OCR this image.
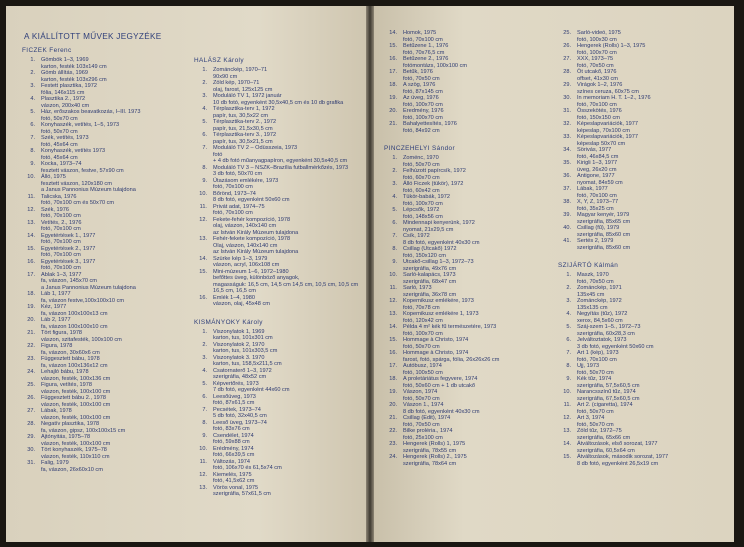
A KIÁLLÍTOTT MŰVEK JEGYZÉKE
FICZEK Ferenc
1.	Gömbök 1–3, 1969
karton, festék 103x149 cm
2.	Gömb állítás, 1969
karton, festék 103x296 cm
3.	Festett plasztika, 1972
fólia, 146x115 cm
4.	Plasztika 2., 1972
vászon, 200x40 cm
5.	Ház, erőszakos beavatkozás, I–III. 1973
fotó, 50x70 cm
6.	Konyhaszék, vetítés, 1–5, 1973
fotó, 50x70 cm
7.	Szék, vetítés, 1973
fotó, 45x64 cm
8.	Konyhaszék, vetítés 1973
fotó, 45x64 cm
9.	Kocka, 1973–74
fesztett vászon, festve, 57x90 cm
10.	Álló, 1975
fesztett vászon, 120x180 cm
a Janus Pannonius Múzeum tulajdona
11.	Talicska, 1976
fotó, 70x100 cm és 50x70 cm
12.	Szék, 1976
fotó, 70x100 cm
13.	Vetítés, 2., 1976
fotó, 70x100 cm
14.	Egyetértések 1., 1977
fotó, 70x100 cm
15.	Egyetértések 2., 1977
fotó, 70x100 cm
16.	Egyetértések 3., 1977
fotó, 70x100 cm
17.	Ablak 1–3, 1977
fa, vászon, 145x70 cm
a Janus Pannonius Múzeum tulajdona
18.	Láb 1, 1977
fa, vászon festve,100x100x10 cm
19.	Kéz, 1977
fa, vászon 100x100x13 cm
20.	Láb 2, 1977
fa, vászon 100x100x10 cm
21.	Tört figura, 1978
vászon, szitafesték, 100x100 cm
22.	Figura, 1978
fa, vászon, 30x60x6 cm
23.	Függesztett bábu, 1978
fa, vászon 100x136x12 cm
24.	Lehajló bábu, 1978
vászon, festék, 100x136 cm
25.	Figura, vetítés, 1978
vászon, festék, 100x100 cm
26.	Függesztett bábu 2., 1978
vászon, festék, 100x100 cm
27.	Lábak, 1978
vászon, festék, 100x100 cm
28.	Negatív plasztika, 1978
fa, vászon, gipsz, 100x100x15 cm
29.	Ajtónyitás, 1975–78
vászon, festék, 100x100 cm
30.	Tört konyhaszék, 1975–78
vászon, festék, 110x110 cm
31.	Falig, 1979
fa, vászon, 26x60x10 cm
HALÁSZ Károly
1.	Zománckép, 1970–71
90x90 cm
2.	Zöld kép, 1970–71
olaj, farost, 125x125 cm
3.	Moduláló TV 1, 1972 január
10 db fotó, egyenként 30,5x40,5 cm és 10 db grafika
4.	Térplasztika-terv 1, 1972
papír, tus, 30,5x22 cm
5.	Térplasztika-terv 2., 1972
papír, tus, 21,5x30,5 cm
6.	Térplasztika-terv 3., 1972
papír, tus, 30,5x21,5 cm
7.	Moduláló TV 2 – Odüsszeia, 1973
fotó
+ 4 db fotó műanyagpapíron, egyenként 30,5x40,5 cm
8.	Moduláló TV 3 – NSZK–Brazília futballmérkőzés, 1973
3 db fotó, 50x70 cm
9.	Útazásom emlékére, 1973
fotó, 70x100 cm
10.	Bőrönd, 1973–74
8 db fotó, egyenként 50x60 cm
11.	Privát adat, 1974–75
fotó, 70x100 cm
12.	Fekete-fehér kompozíció, 1978
olaj, vászon, 140x140 cm
az István Király Múzeum tulajdona
13.	Fehér-fekete kompozíció, 1978
Olaj, vászon, 140x140 cm
az István Király Múzeum tulajdona
14.	Szürke kép 1–3, 1979
vászon, acryl, 106x108 cm
15.	Mini-múzeum 1–6, 1972–1980
befőttes üveg, különböző anyagok,
magasságuk: 16,5 cm, 14,5 cm 14,5 cm, 10,5 cm, 10,5 cm
16,5 cm, 16,5 cm
16.	Emlék 1–4, 1980
vászon, olaj, 45x48 cm
KISMÁNYOKY Károly
1.	Viszonylatok 1, 1969
karton, tus, 101x301 cm
2.	Viszonylatok 2, 1970
karton, tus, 101x303,5 cm
3.	Viszonylatok 3. 1970
karton, tus, 158,5x211,5 cm
4.	Csatornaterő 1–3, 1972
szerigráfia, 48x52 cm
5.	Képvertőrés, 1973
7 db fotó, egyenként 44x60 cm
6.	Leesőüveg, 1973
fotó, 87x61,5 cm
7.	Pecsétek, 1973–74
5 db fotó, 32x40,5 cm
8.	Leeső üveg, 1973–74
fotó, 83x76 cm
9.	Csendélet, 1974
fotó, 59x88 cm
10.	Erédmény, 1974
fotó, 66x39,5 cm
11.	Változás, 1974
fotó, 106x70 és 61,5x74 cm
12.	Kiemelés, 1975
fotó, 41,5x62 cm
13.	Vörös vonal, 1975
szerigráfia, 57x61,5 cm
14.	Homok, 1975
fotó, 70x100 cm
15.	Betűzene 1., 1976
fotó, 70x76,5 cm
16.	Betűzene 2., 1976
fotómontázs, 100x100 cm
17.	Betűk, 1976
fotó, 70x50 cm
18.	A szög, 1976
fotó, 87x145 cm
19.	Az üveg, 1976
fotó, 100x70 cm
20.	Eredmény, 1976
fotó, 100x70 cm
21.	Bahalyettesítés, 1976
fotó, 84x92 cm
PINCZEHELYI Sándor
1.	Zoménc, 1970
fotó, 50x70 cm
2.	Felhúzott papírcsík, 1972
fotó, 60x70 cm
3.	Álló Ficzek (tükör), 1972
fotó, 60x42 cm
4.	Tükör-babák, 1972
fotó, 100x70 cm
5.	Lépcsők, 1972
fotó, 148x56 cm
6.	Mindennapi kenyerünk, 1972
nyomat, 21x29,5 cm
7.	Csík, 1972
8 db fotó, egyenként 40x30 cm
8.	Csillag (Utcakő) 1972
fotó, 150x120 cm
9.	Utcakő-csillag 1–3, 1972–73
szerigráfia, 49x76 cm
10.	Sarló-kalapács, 1973
szerigráfia, 68x47 cm
11.	Sarló, 1973
szerigráfia, 36x78 cm
12.	Kopernikusz emlékére, 1973
fotó, 70x78 cm
13.	Kopernikusz emlékére 1, 1973
fotó, 120x42 cm
14.	Példa 4 m² kék fű természetére, 1973
fotó, 100x70 cm
15.	Hommage à Christo, 1974
fotó, 50x70 cm
16.	Hommage à Christo, 1974
farost, fotó, spárga, fólia, 26x26x26 cm
17.	Autóbusz, 1974
fotó, 100x50 cm
18.	A proletáriátus fegyvere, 1974
fotó, 50x60 cm + 1 db utcakő
19.	Vászon, 1974
fotó, 50x70 cm
20.	Vászon 1., 1974
8 db fotó, egyenként 40x30 cm
21.	Csillag (Edit), 1974
fotó, 70x50 cm
22.	Bilke proléria., 1974
fotó, 25x100 cm
23.	Hengerek (Rolls) 1, 1975
szerigráfia, 78x55 cm
24.	Hengerek (Rolls) 2., 1975
szerigráfia, 78x64 cm
25.	Sarló-videó, 1975
fotó, 100x30 cm
26.	Hengerek (Rolls) 1–3, 1975
fotó, 100x70 cm
27.	XXX, 1973–75
fotó, 70x50 cm
28.	Öt utcakő, 1976
offset, 41x30 cm
29.	Virágok 1–2, 1976
színes ceruza, 60x75 cm
30.	In memoriam H. T. 1–2., 1976
fotó, 70x100 cm
31.	Összekötés, 1976
fotó, 150x150 cm
32.	Képeslapvariációk, 1977
képeslap, 70x100 cm
33.	Képeslapvariációk, 1977
képeslap 50x70 cm
34.	Sörivás, 1977
fotó, 46x84,5 cm
35.	Kirigli 1–3, 1977
üveg, 26x20 cm
36.	Antigone, 1977
nyomat, 84x59 cm
37.	Lábak, 1977
fotó, 70x100 cm
38.	X, Y, Z, 1973–77
fotó, 35x25 cm
39.	Magyar kenyér, 1979
szerigráfia, 85x65 cm
40.	Csillag (fű), 1979
szerigráfia, 85x60 cm
41.	Sertés 2, 1979
szerigráfia, 85x60 cm
SZIJÁRTÓ Kálmán
1.	Maszk, 1970
fotó, 70x50 cm
2.	Zománckép, 1971
135x45 cm
3.	Zománckép, 1972
135x135 cm
4.	Negyítás (tűz), 1972
xerox, 84,5x60 cm
5.	Száj-szem 1–5., 1972–73
szerigráfia, 60x28,3 cm
6.	Jelváltoztatok, 1973
3 db fotó, egyenként 50x60 cm
7.	Art 1 (kép), 1973
fotó, 70x100 cm
8.	Ujj, 1973
fotó, 50x70 cm
9.	Kék tűz, 1974
szerigráfia, 57,5x60,5 cm
10.	Narancsszínű tűz, 1974
szerigráfia, 67,5x60,5 cm
11.	Art 2. (cigaretta), 1974
fotó, 50x70 cm
12.	Art 3, 1974
fotó, 50x70 cm
13.	Zöld tűz, 1972–75
szerigráfia, 65x66 cm
14.	Átváltozások, első sorozat, 1977
szerigráfia, 60,5x64 cm
15.	Átváltozások, második sorozat, 1977
8 db fotó, egyenként 26,5x19 cm
